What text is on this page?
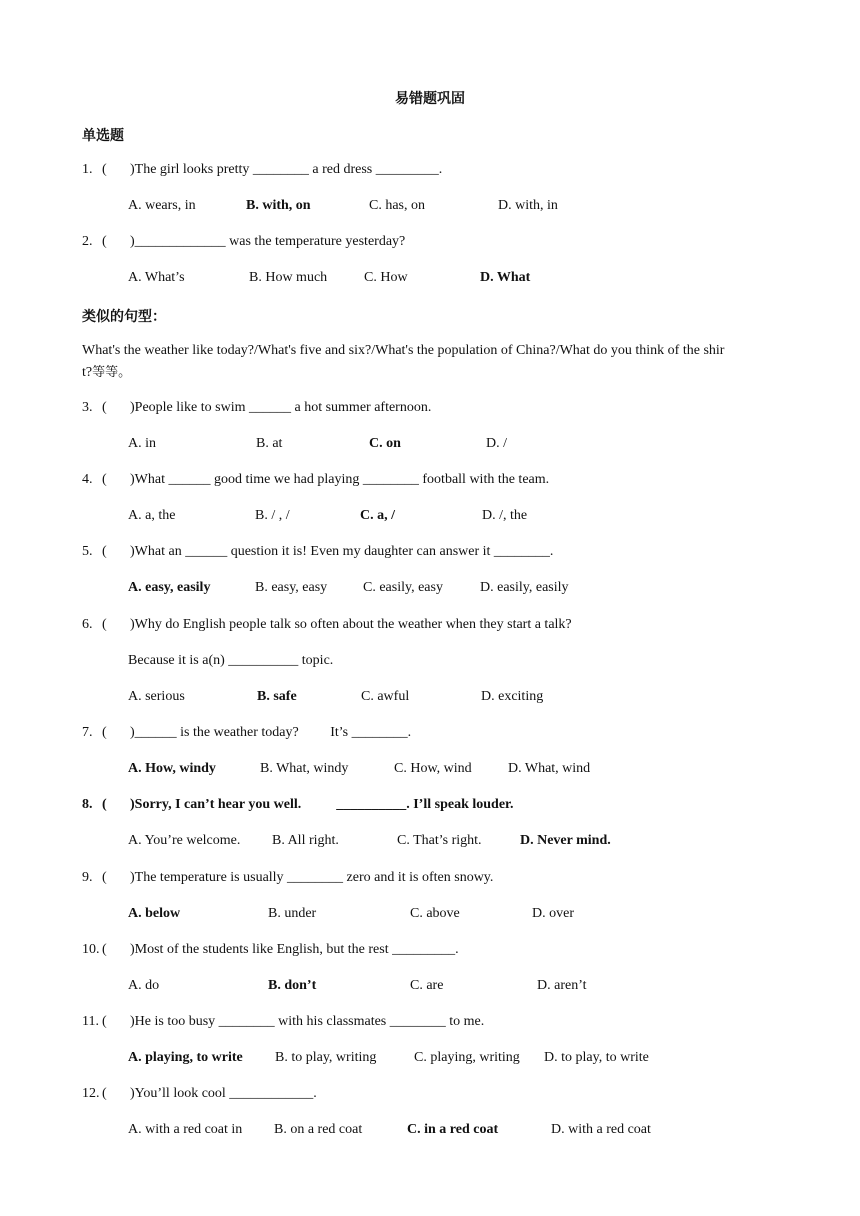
易错题巩固
单选题
1. ( )The girl looks pretty ________ a red dress _________.
A. wears, in	B. with, on	C. has, on	D. with, in
2. ( )_____________ was the temperature yesterday?
A. What’s	B. How much	C. How	D. What
类似的句型：
What's the weather like today?/What's five and six?/What's the population of China?/What do you think of the shir
t?等等。
3. ( )People like to swim ______ a hot summer afternoon.
A. in	B. at	C. on	D. /
4. ( )What ______ good time we had playing ________ football with the team.
A. a, the	B. / , /	C. a, /	D. /, the
5. ( )What an ______ question it is! Even my daughter can answer it ________.
A. easy, easily	B. easy, easy	C. easily, easy	D. easily, easily
6. ( )Why do English people talk so often about the weather when they start a talk?
Because it is a(n) __________ topic.
A. serious	B. safe	C. awful	D. exciting
7. ( )______ is the weather today?         It’s ________.
A. How, windy	B. What, windy	C. How, wind	D. What, wind
8. ( )Sorry, I can’t hear you well.          __________. I’ll speak louder.
A. You’re welcome. B. All right.	C. That’s right.	D. Never mind.
9. ( )The temperature is usually ________ zero and it is often snowy.
A. below	B. under	C. above	D. over
10. ( )Most of the students like English, but the rest _________.
A. do	B. don’t	C. are	D. aren’t
11. ( )He is too busy ________ with his classmates ________ to me.
A. playing, to write B. to play, writing	C. playing, writing D. to play, to write
12. ( )You’ll look cool ____________.
A. with a red coat in B. on a red coat	C. in a red coat	D. with a red coat
